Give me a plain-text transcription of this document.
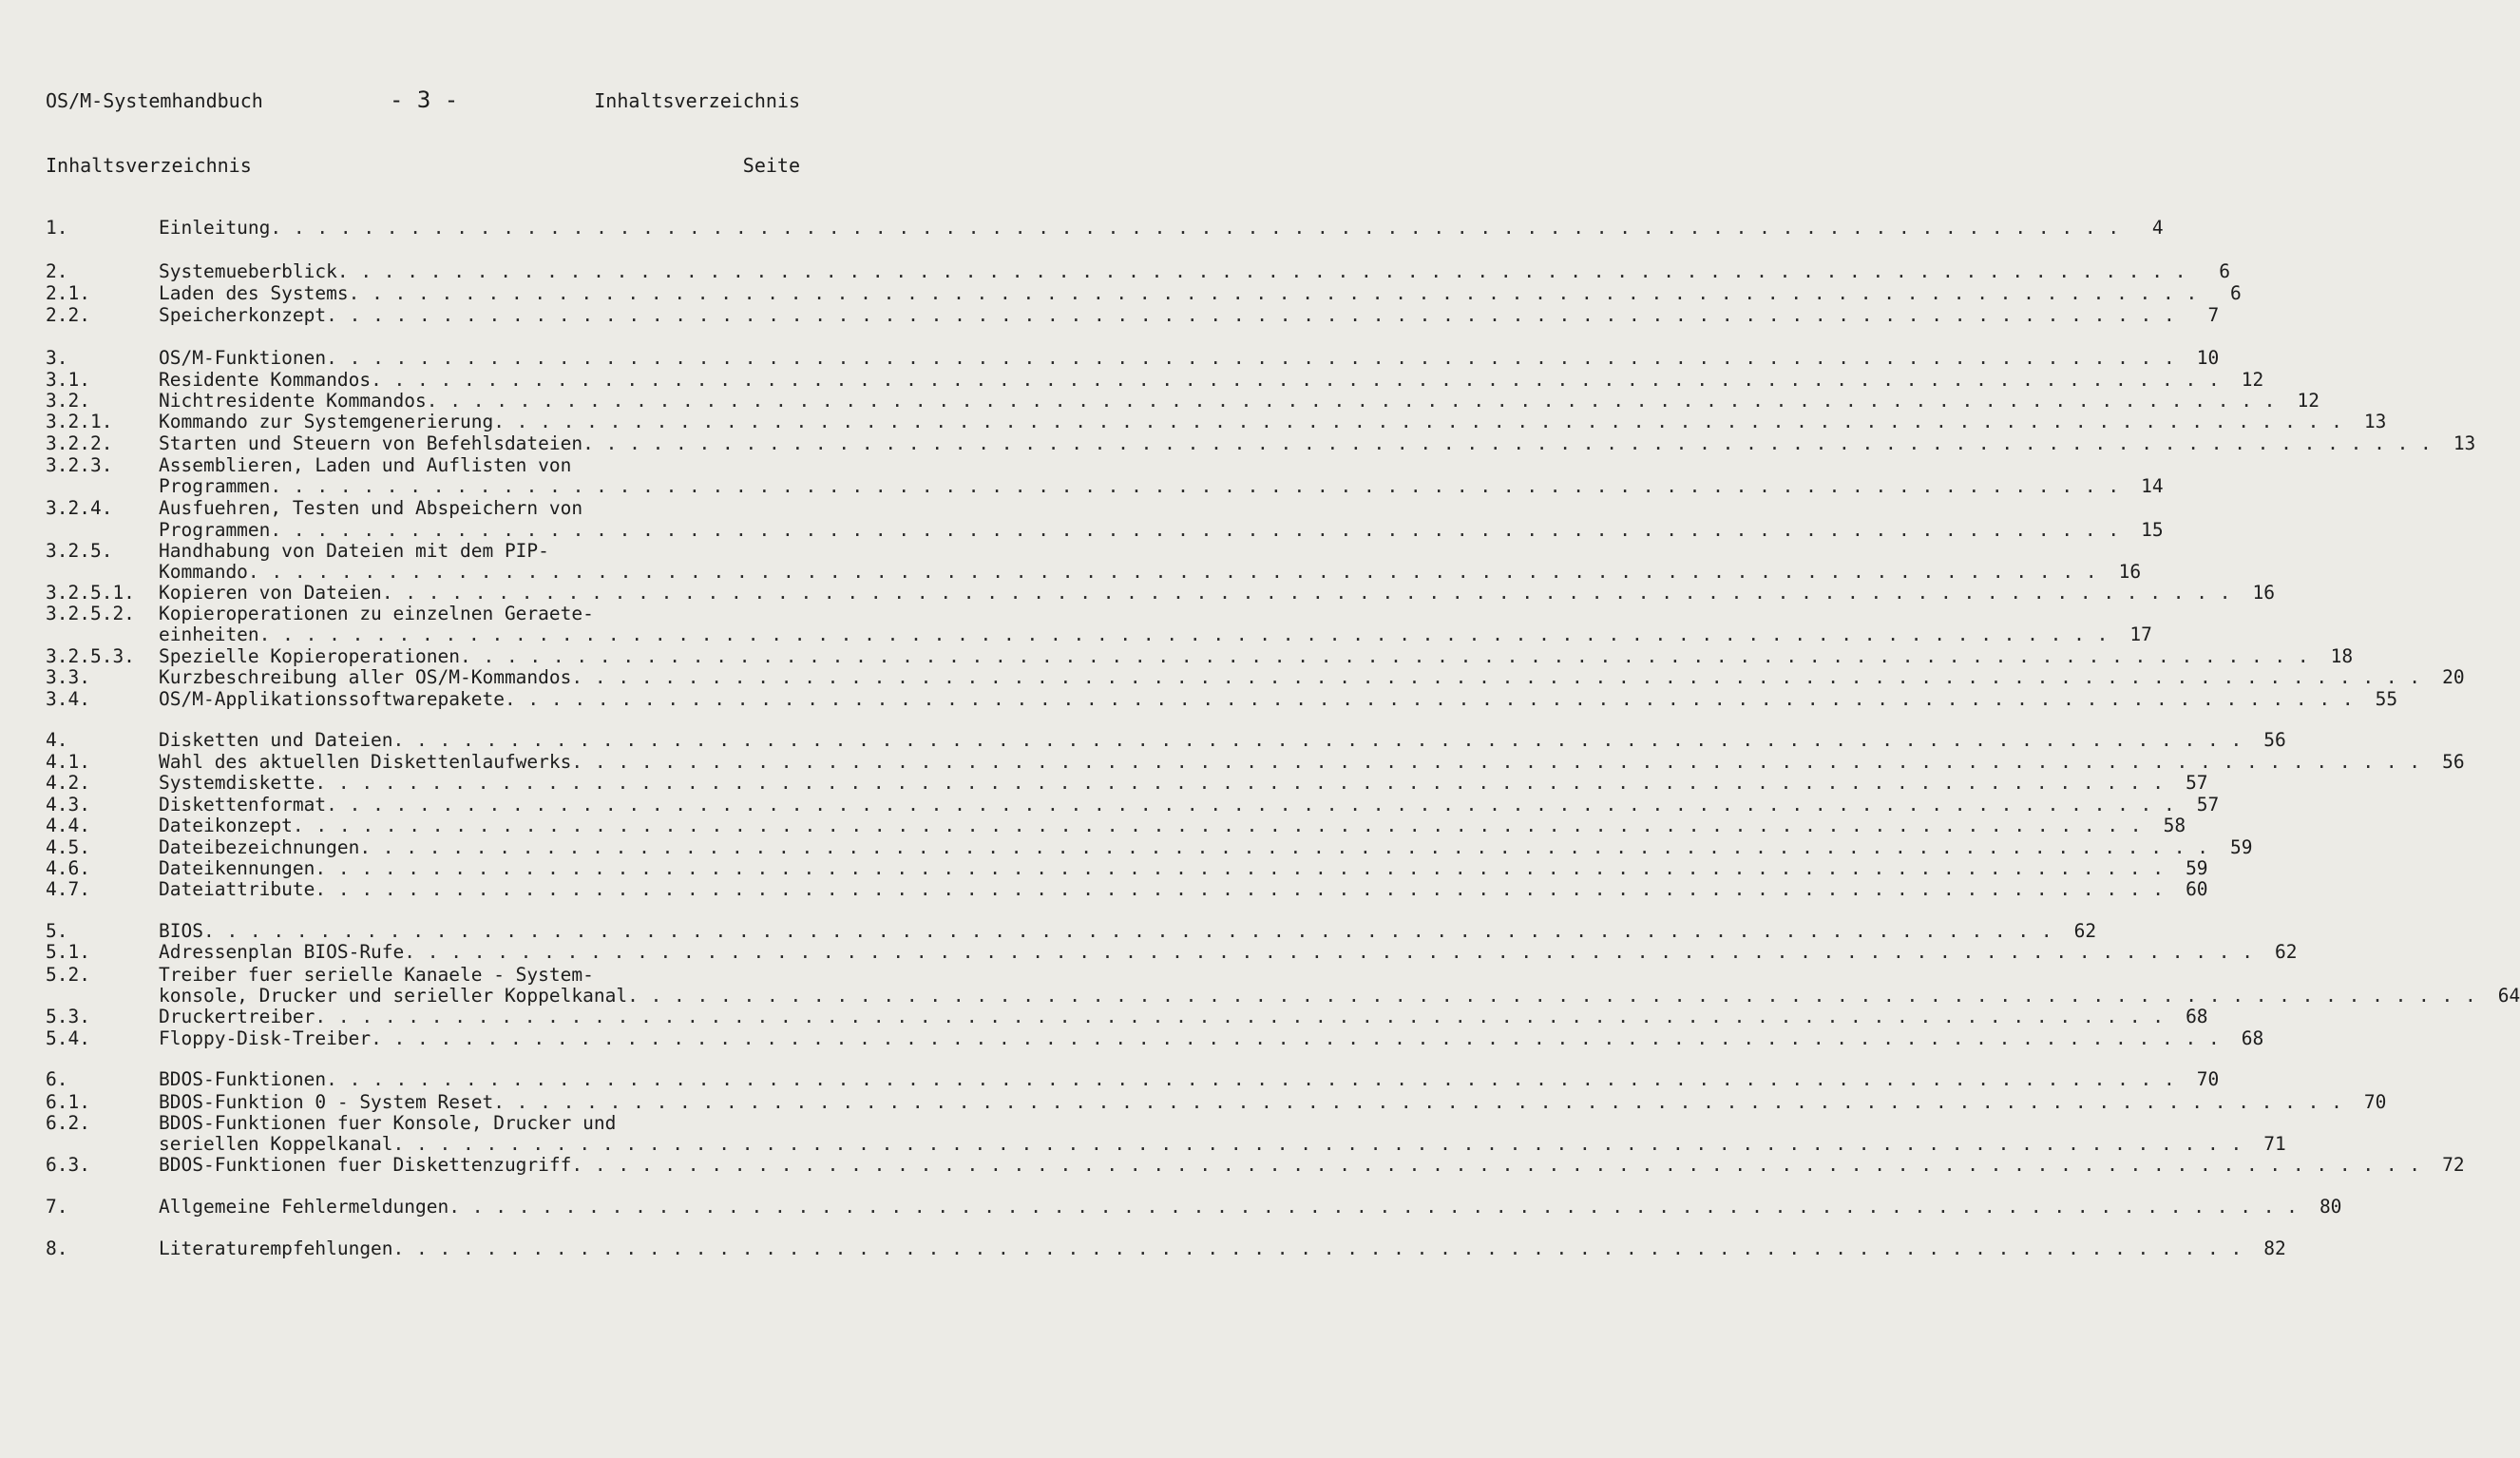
OS/M-Systemhandbuch	- 3 -	Inhaltsverzeichnis
Inhaltsverzeichnis	Seite
1.	Einleitung . . . . . . . . . . . . . . . . . . . . . . . . . . . . . . . . . . . . . . . . . . . . . . . . . . . . . . . . . . . . . . . . . . . . . . . . . . . . . . . .	4
2.	Systemueberblick . . . . . . . . . . . . . . . . . . . . . . . . . . . . . . . . . . . . . . . . . . . . . . . . . . . . . . . . . . . . . . . . . . . . . . . . . . . . . . . .	6
2.1.	Laden des Systems . . . . . . . . . . . . . . . . . . . . . . . . . . . . . . . . . . . . . . . . . . . . . . . . . . . . . . . . . . . . . . . . . . . . . . . . . . . . . . . .	6
2.2.	Speicherkonzept . . . . . . . . . . . . . . . . . . . . . . . . . . . . . . . . . . . . . . . . . . . . . . . . . . . . . . . . . . . . . . . . . . . . . . . . . . . . . . . .	7
3.	OS/M-Funktionen . . . . . . . . . . . . . . . . . . . . . . . . . . . . . . . . . . . . . . . . . . . . . . . . . . . . . . . . . . . . . . . . . . . . . . . . . . . . . . . .	10
3.1.	Residente Kommandos . . . . . . . . . . . . . . . . . . . . . . . . . . . . . . . . . . . . . . . . . . . . . . . . . . . . . . . . . . . . . . . . . . . . . . . . . . . . . . . .	12
3.2.	Nichtresidente Kommandos . . . . . . . . . . . . . . . . . . . . . . . . . . . . . . . . . . . . . . . . . . . . . . . . . . . . . . . . . . . . . . . . . . . . . . . . . . . . . . . .	12
3.2.1. Kommando zur Systemgenerierung . . . . . . . . . . . . . . . . . . . . . . . . . . . . . . . . . . . . . . . . . . . . . . . . . . . . . . . . . . . . . . . . . . . . . . . . . . . . . . . .	13
3.2.2. Starten und Steuern von Befehlsdateien . . . . . . . . . . . . . . . . . . . . . . . . . . . . . . . . . . . . . . . . . . . . . . . . . . . . . . . . . . . . . . . . . . . . . . . . . . . . . . . .	13
3.2.3. Assemblieren, Laden und Auflisten von
Programmen . . . . . . . . . . . . . . . . . . . . . . . . . . . . . . . . . . . . . . . . . . . . . . . . . . . . . . . . . . . . . . . . . . . . . . . . . . . . . . . .	14
3.2.4. Ausfuehren, Testen und Abspeichern von
Programmen . . . . . . . . . . . . . . . . . . . . . . . . . . . . . . . . . . . . . . . . . . . . . . . . . . . . . . . . . . . . . . . . . . . . . . . . . . . . . . . .	15
3.2.5. Handhabung von Dateien mit dem PIP-
Kommando . . . . . . . . . . . . . . . . . . . . . . . . . . . . . . . . . . . . . . . . . . . . . . . . . . . . . . . . . . . . . . . . . . . . . . . . . . . . . . . .	16
3.2.5.1. Kopieren von Dateien . . . . . . . . . . . . . . . . . . . . . . . . . . . . . . . . . . . . . . . . . . . . . . . . . . . . . . . . . . . . . . . . . . . . . . . . . . . . . . . .	16
3.2.5.2. Kopieroperationen zu einzelnen Geraete-
einheiten . . . . . . . . . . . . . . . . . . . . . . . . . . . . . . . . . . . . . . . . . . . . . . . . . . . . . . . . . . . . . . . . . . . . . . . . . . . . . . . .	17
3.2.5.3. Spezielle Kopieroperationen . . . . . . . . . . . . . . . . . . . . . . . . . . . . . . . . . . . . . . . . . . . . . . . . . . . . . . . . . . . . . . . . . . . . . . . . . . . . . . . .	18
3.3.	Kurzbeschreibung aller OS/M-Kommandos . . . . . . . . . . . . . . . . . . . . . . . . . . . . . . . . . . . . . . . . . . . . . . . . . . . . . . . . . . . . . . . . . . . . . . . . . . . . . . . .	20
3.4.	OS/M-Applikationssoftwarepakete . . . . . . . . . . . . . . . . . . . . . . . . . . . . . . . . . . . . . . . . . . . . . . . . . . . . . . . . . . . . . . . . . . . . . . . . . . . . . . . .	55
4.	Disketten und Dateien . . . . . . . . . . . . . . . . . . . . . . . . . . . . . . . . . . . . . . . . . . . . . . . . . . . . . . . . . . . . . . . . . . . . . . . . . . . . . . . .	56
4.1.	Wahl des aktuellen Diskettenlaufwerks . . . . . . . . . . . . . . . . . . . . . . . . . . . . . . . . . . . . . . . . . . . . . . . . . . . . . . . . . . . . . . . . . . . . . . . . . . . . . . . .	56
4.2.	Systemdiskette . . . . . . . . . . . . . . . . . . . . . . . . . . . . . . . . . . . . . . . . . . . . . . . . . . . . . . . . . . . . . . . . . . . . . . . . . . . . . . . .	57
4.3.	Diskettenformat . . . . . . . . . . . . . . . . . . . . . . . . . . . . . . . . . . . . . . . . . . . . . . . . . . . . . . . . . . . . . . . . . . . . . . . . . . . . . . . .	57
4.4.	Dateikonzept . . . . . . . . . . . . . . . . . . . . . . . . . . . . . . . . . . . . . . . . . . . . . . . . . . . . . . . . . . . . . . . . . . . . . . . . . . . . . . . .	58
4.5.	Dateibezeichnungen . . . . . . . . . . . . . . . . . . . . . . . . . . . . . . . . . . . . . . . . . . . . . . . . . . . . . . . . . . . . . . . . . . . . . . . . . . . . . . . .	59
4.6.	Dateikennungen . . . . . . . . . . . . . . . . . . . . . . . . . . . . . . . . . . . . . . . . . . . . . . . . . . . . . . . . . . . . . . . . . . . . . . . . . . . . . . . .	59
4.7.	Dateiattribute . . . . . . . . . . . . . . . . . . . . . . . . . . . . . . . . . . . . . . . . . . . . . . . . . . . . . . . . . . . . . . . . . . . . . . . . . . . . . . . .	60
5.	BIOS . . . . . . . . . . . . . . . . . . . . . . . . . . . . . . . . . . . . . . . . . . . . . . . . . . . . . . . . . . . . . . . . . . . . . . . . . . . . . . . .	62
5.1.	Adressenplan BIOS-Rufe . . . . . . . . . . . . . . . . . . . . . . . . . . . . . . . . . . . . . . . . . . . . . . . . . . . . . . . . . . . . . . . . . . . . . . . . . . . . . . . .	62
5.2.	Treiber fuer serielle Kanaele - System-
konsole, Drucker und serieller Koppelkanal . . . . . . . . . . . . . . . . . . . . . . . . . . . . . . . . . . . . . . . . . . . . . . . . . . . . . . . . . . . . . . . . . . . . . . . . . . . . . . . .	64
5.3.	Druckertreiber . . . . . . . . . . . . . . . . . . . . . . . . . . . . . . . . . . . . . . . . . . . . . . . . . . . . . . . . . . . . . . . . . . . . . . . . . . . . . . . .	68
5.4.	Floppy-Disk-Treiber . . . . . . . . . . . . . . . . . . . . . . . . . . . . . . . . . . . . . . . . . . . . . . . . . . . . . . . . . . . . . . . . . . . . . . . . . . . . . . . .	68
6.	BDOS-Funktionen . . . . . . . . . . . . . . . . . . . . . . . . . . . . . . . . . . . . . . . . . . . . . . . . . . . . . . . . . . . . . . . . . . . . . . . . . . . . . . . .	70
6.1.	BDOS-Funktion 0 - System Reset . . . . . . . . . . . . . . . . . . . . . . . . . . . . . . . . . . . . . . . . . . . . . . . . . . . . . . . . . . . . . . . . . . . . . . . . . . . . . . . .	70
6.2.	BDOS-Funktionen fuer Konsole, Drucker und
seriellen Koppelkanal . . . . . . . . . . . . . . . . . . . . . . . . . . . . . . . . . . . . . . . . . . . . . . . . . . . . . . . . . . . . . . . . . . . . . . . . . . . . . . . .	71
6.3.	BDOS-Funktionen fuer Diskettenzugriff . . . . . . . . . . . . . . . . . . . . . . . . . . . . . . . . . . . . . . . . . . . . . . . . . . . . . . . . . . . . . . . . . . . . . . . . . . . . . . . .	72
7.	Allgemeine Fehlermeldungen . . . . . . . . . . . . . . . . . . . . . . . . . . . . . . . . . . . . . . . . . . . . . . . . . . . . . . . . . . . . . . . . . . . . . . . . . . . . . . . .	80
8.	Literaturempfehlungen . . . . . . . . . . . . . . . . . . . . . . . . . . . . . . . . . . . . . . . . . . . . . . . . . . . . . . . . . . . . . . . . . . . . . . . . . . . . . . . .	82
